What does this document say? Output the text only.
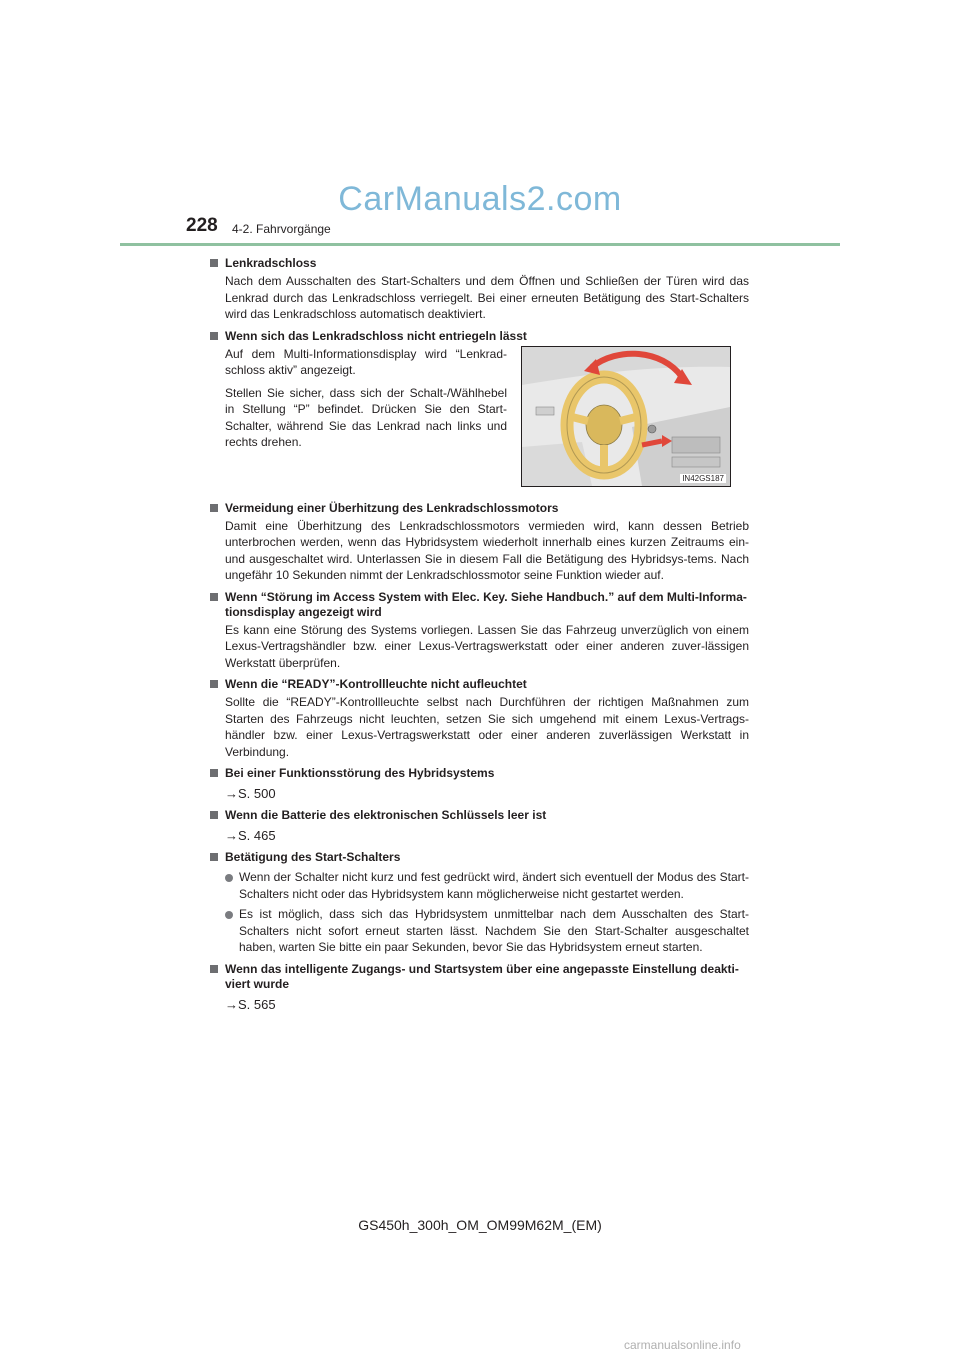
CarManuals2.com
228 4-2. Fahrvorgänge
Lenkradschloss
Nach dem Ausschalten des Start-Schalters und dem Öffnen und Schließen der Türen wird das Lenkrad durch das Lenkradschloss verriegelt. Bei einer erneuten Betätigung des Start-Schalters wird das Lenkradschloss automatisch deaktiviert.
Wenn sich das Lenkradschloss nicht entriegeln lässt

Auf dem Multi-Informationsdisplay wird “Lenkrad-schloss aktiv” angezeigt.

Stellen Sie sicher, dass sich der Schalt-/Wählhebel in Stellung “P” befindet. Drücken Sie den Start-Schalter, während Sie das Lenkrad nach links und rechts drehen.

IN42GS187
Vermeidung einer Überhitzung des Lenkradschlossmotors
Damit eine Überhitzung des Lenkradschlossmotors vermieden wird, kann dessen Betrieb unterbrochen werden, wenn das Hybridsystem wiederholt innerhalb eines kurzen Zeitraums ein- und ausgeschaltet wird. Unterlassen Sie in diesem Fall die Betätigung des Hybridsys-tems. Nach ungefähr 10 Sekunden nimmt der Lenkradschlossmotor seine Funktion wieder auf.
Wenn “Störung im Access System with Elec. Key. Siehe Handbuch.” auf dem Multi-Informa-tionsdisplay angezeigt wird
Es kann eine Störung des Systems vorliegen. Lassen Sie das Fahrzeug unverzüglich von einem Lexus-Vertragshändler bzw. einer Lexus-Vertragswerkstatt oder einer anderen zuver-lässigen Werkstatt überprüfen.
Wenn die “READY”-Kontrollleuchte nicht aufleuchtet
Sollte die “READY”-Kontrollleuchte selbst nach Durchführen der richtigen Maßnahmen zum Starten des Fahrzeugs nicht leuchten, setzen Sie sich umgehend mit einem Lexus-Vertrags-händler bzw. einer Lexus-Vertragswerkstatt oder einer anderen zuverlässigen Werkstatt in Verbindung.
Bei einer Funktionsstörung des Hybridsystems
→S. 500
Wenn die Batterie des elektronischen Schlüssels leer ist
→S. 465
Betätigung des Start-Schalters
Wenn der Schalter nicht kurz und fest gedrückt wird, ändert sich eventuell der Modus des Start-Schalters nicht oder das Hybridsystem kann möglicherweise nicht gestartet werden.
Es ist möglich, dass sich das Hybridsystem unmittelbar nach dem Ausschalten des Start-Schalters nicht sofort erneut starten lässt. Nachdem Sie den Start-Schalter ausgeschaltet haben, warten Sie bitte ein paar Sekunden, bevor Sie das Hybridsystem erneut starten.
Wenn das intelligente Zugangs- und Startsystem über eine angepasste Einstellung deakti-viert wurde
→S. 565
GS450h_300h_OM_OM99M62M_(EM)
carmanualsonline.info
